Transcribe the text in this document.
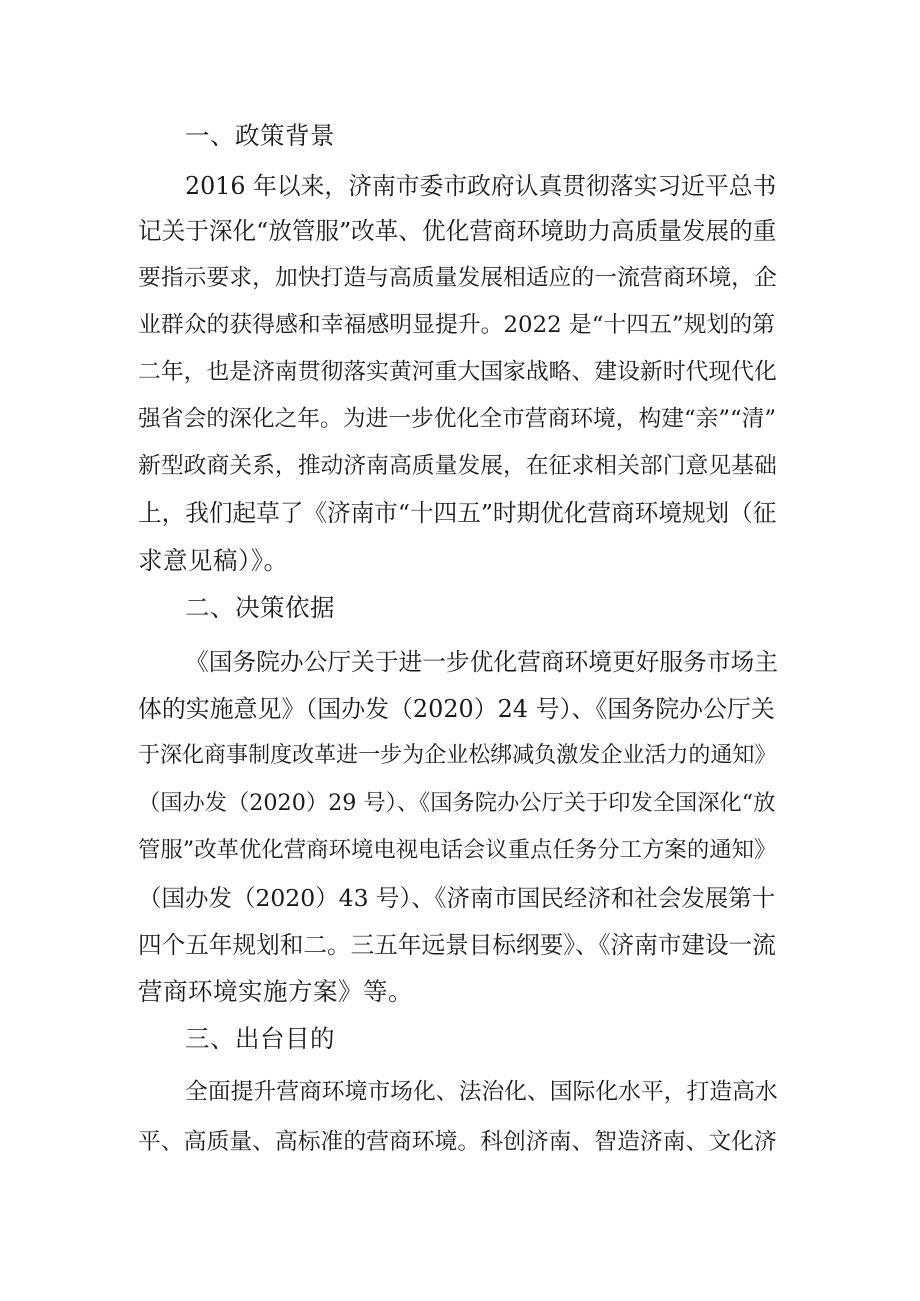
一、政策背景
2016 年以来，济南市委市政府认真贯彻落实习近平总书
记关于深化“放管服”改革、优化营商环境助力高质量发展的重
要指示要求，加快打造与高质量发展相适应的一流营商环境，企
业群众的获得感和幸福感明显提升。2022 是“十四五”规划的第
二年，也是济南贯彻落实黄河重大国家战略、建设新时代现代化
强省会的深化之年。为进一步优化全市营商环境，构建“亲”“清”
新型政商关系，推动济南高质量发展，在征求相关部门意见基础
上，我们起草了《济南市“十四五”时期优化营商环境规划（征
求意见稿）》。
二、决策依据
《国务院办公厅关于进一步优化营商环境更好服务市场主
体的实施意见》（国办发（2020）24 号）、《国务院办公厅关
于深化商事制度改革进一步为企业松绑减负激发企业活力的通知》
（国办发（2020）29 号）、《国务院办公厅关于印发全国深化“放
管服”改革优化营商环境电视电话会议重点任务分工方案的通知》
（国办发（2020）43 号）、《济南市国民经济和社会发展第十
四个五年规划和二。三五年远景目标纲要》、《济南市建设一流
营商环境实施方案》等。
三、出台目的
全面提升营商环境市场化、法治化、国际化水平，打造高水
平、高质量、高标准的营商环境。科创济南、智造济南、文化济
